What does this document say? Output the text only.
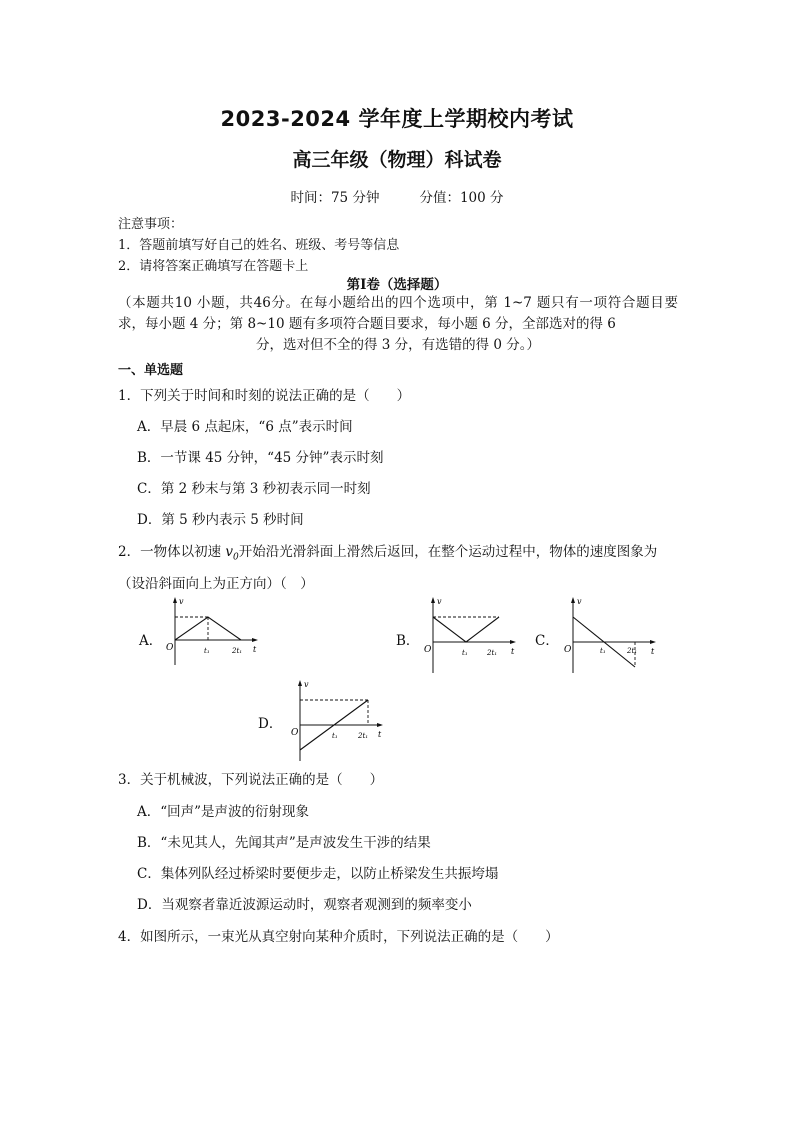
2023-2024 学年度上学期校内考试
高三年级（物理）科试卷
时间：75 分钟	分值：100 分
注意事项：
1．答题前填写好自己的姓名、班级、考号等信息
2．请将答案正确填写在答题卡上
第Ⅰ卷（选择题）
（本题共10 小题，共46分。在每小题给出的四个选项中，第 1~7 题只有一项符合题目要求，每小题 4 分；第 8~10 题有多项符合题目要求，每小题 6 分，全部选对的得 6
分，选对但不全的得 3 分，有选错的得 0 分。）
一、单选题
1．下列关于时间和时刻的说法正确的是（　　）
A．早晨 6 点起床，“6 点”表示时间
B．一节课 45 分钟，“45 分钟”表示时刻
C．第 2 秒末与第 3 秒初表示同一时刻
D．第 5 秒内表示 5 秒时间
2．一物体以初速 $v_0$开始沿光滑斜面上滑然后返回，在整个运动过程中，物体的速度图象为
（设沿斜面向上为正方向）（　）
A．	B．	C．
D．
v
O	t
t₁	2t₁
v
O	t
t₁	2t₁
v
O	t
t₁	2t₁
v
O	t
t₁	2t₁
3．关于机械波，下列说法正确的是（　　）
A．“回声”是声波的衍射现象
B．“未见其人，先闻其声”是声波发生干涉的结果
C．集体列队经过桥梁时要便步走，以防止桥梁发生共振垮塌
D．当观察者靠近波源运动时，观察者观测到的频率变小
4．如图所示，一束光从真空射向某种介质时，下列说法正确的是（　　）
